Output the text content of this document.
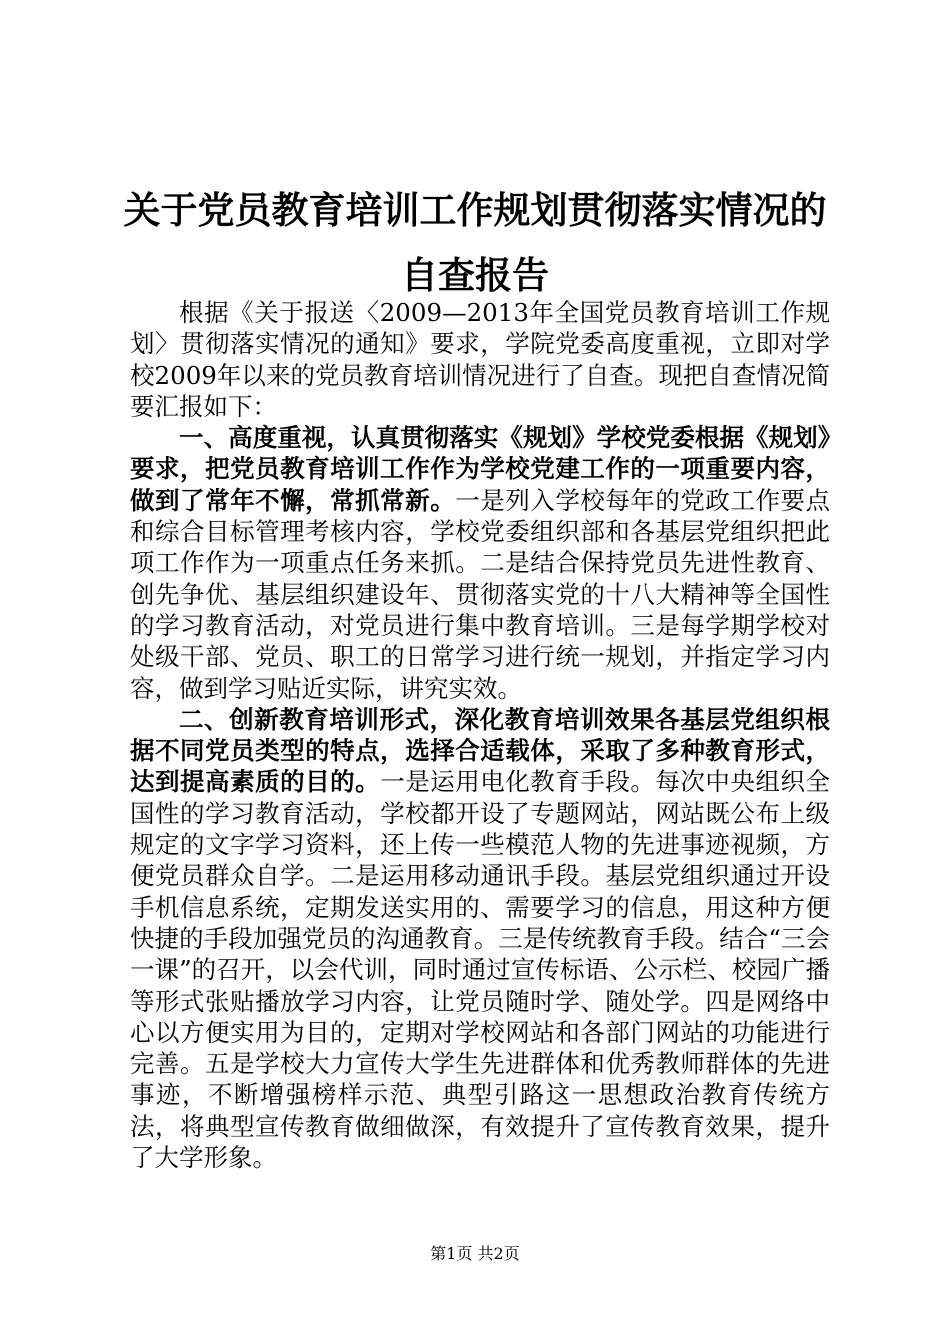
关于党员教育培训工作规划贯彻落实情况的自查报告

根据《关于报送〈2009—2013年全国党员教育培训工作规划〉贯彻落实情况的通知》要求，学院党委高度重视，立即对学校2009年以来的党员教育培训情况进行了自查。现把自查情况简要汇报如下：

一、高度重视，认真贯彻落实《规划》学校党委根据《规划》要求，把党员教育培训工作作为学校党建工作的一项重要内容，做到了常年不懈，常抓常新。一是列入学校每年的党政工作要点和综合目标管理考核内容，学校党委组织部和各基层党组织把此项工作作为一项重点任务来抓。二是结合保持党员先进性教育、创先争优、基层组织建设年、贯彻落实党的十八大精神等全国性的学习教育活动，对党员进行集中教育培训。三是每学期学校对处级干部、党员、职工的日常学习进行统一规划，并指定学习内容，做到学习贴近实际，讲究实效。

二、创新教育培训形式，深化教育培训效果各基层党组织根据不同党员类型的特点，选择合适载体，采取了多种教育形式，达到提高素质的目的。一是运用电化教育手段。每次中央组织全国性的学习教育活动，学校都开设了专题网站，网站既公布上级规定的文字学习资料，还上传一些模范人物的先进事迹视频，方便党员群众自学。二是运用移动通讯手段。基层党组织通过开设手机信息系统，定期发送实用的、需要学习的信息，用这种方便快捷的手段加强党员的沟通教育。三是传统教育手段。结合“三会一课”的召开，以会代训，同时通过宣传标语、公示栏、校园广播等形式张贴播放学习内容，让党员随时学、随处学。四是网络中心以方便实用为目的，定期对学校网站和各部门网站的功能进行完善。五是学校大力宣传大学生先进群体和优秀教师群体的先进事迹，不断增强榜样示范、典型引路这一思想政治教育传统方法，将典型宣传教育做细做深，有效提升了宣传教育效果，提升了大学形象。

第1页 共2页
